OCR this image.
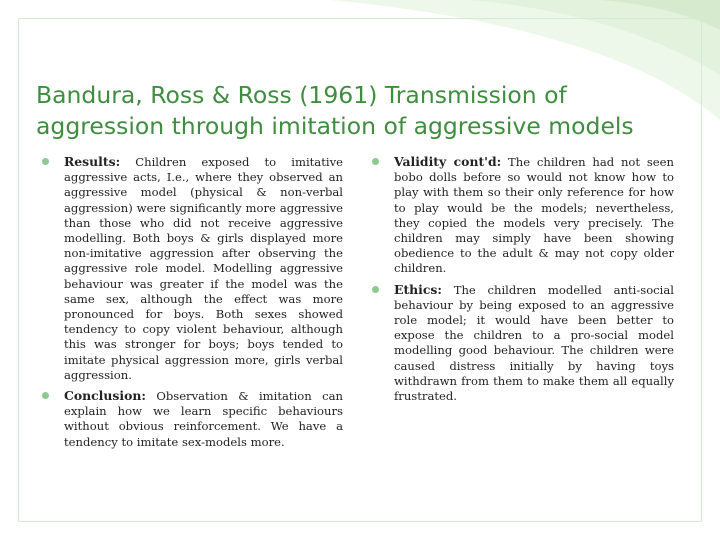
Bandura, Ross & Ross (1961) Transmission of aggression through imitation of aggressive models
Results: Children exposed to imitative aggressive acts, I.e., where they observed an aggressive model (physical & non-verbal aggression) were significantly more aggressive than those who did not receive aggressive modelling. Both boys & girls displayed more non-imitative aggression after observing the aggressive role model. Modelling aggressive behaviour was greater if the model was the same sex, although the effect was more pronounced for boys. Both sexes showed tendency to copy violent behaviour, although this was stronger for boys; boys tended to imitate physical aggression more, girls verbal aggression.
Conclusion: Observation & imitation can explain how we learn specific behaviours without obvious reinforcement. We have a tendency to imitate sex-models more.
Validity cont'd: The children had not seen bobo dolls before so would not know how to play with them so their only reference for how to play would be the models; nevertheless, they copied the models very precisely. The children may simply have been showing obedience to the adult & may not copy older children.
Ethics: The children modelled anti-social behaviour by being exposed to an aggressive role model; it would have been better to expose the children to a pro-social model modelling good behaviour. The children were caused distress initially by having toys withdrawn from them to make them all equally frustrated.
